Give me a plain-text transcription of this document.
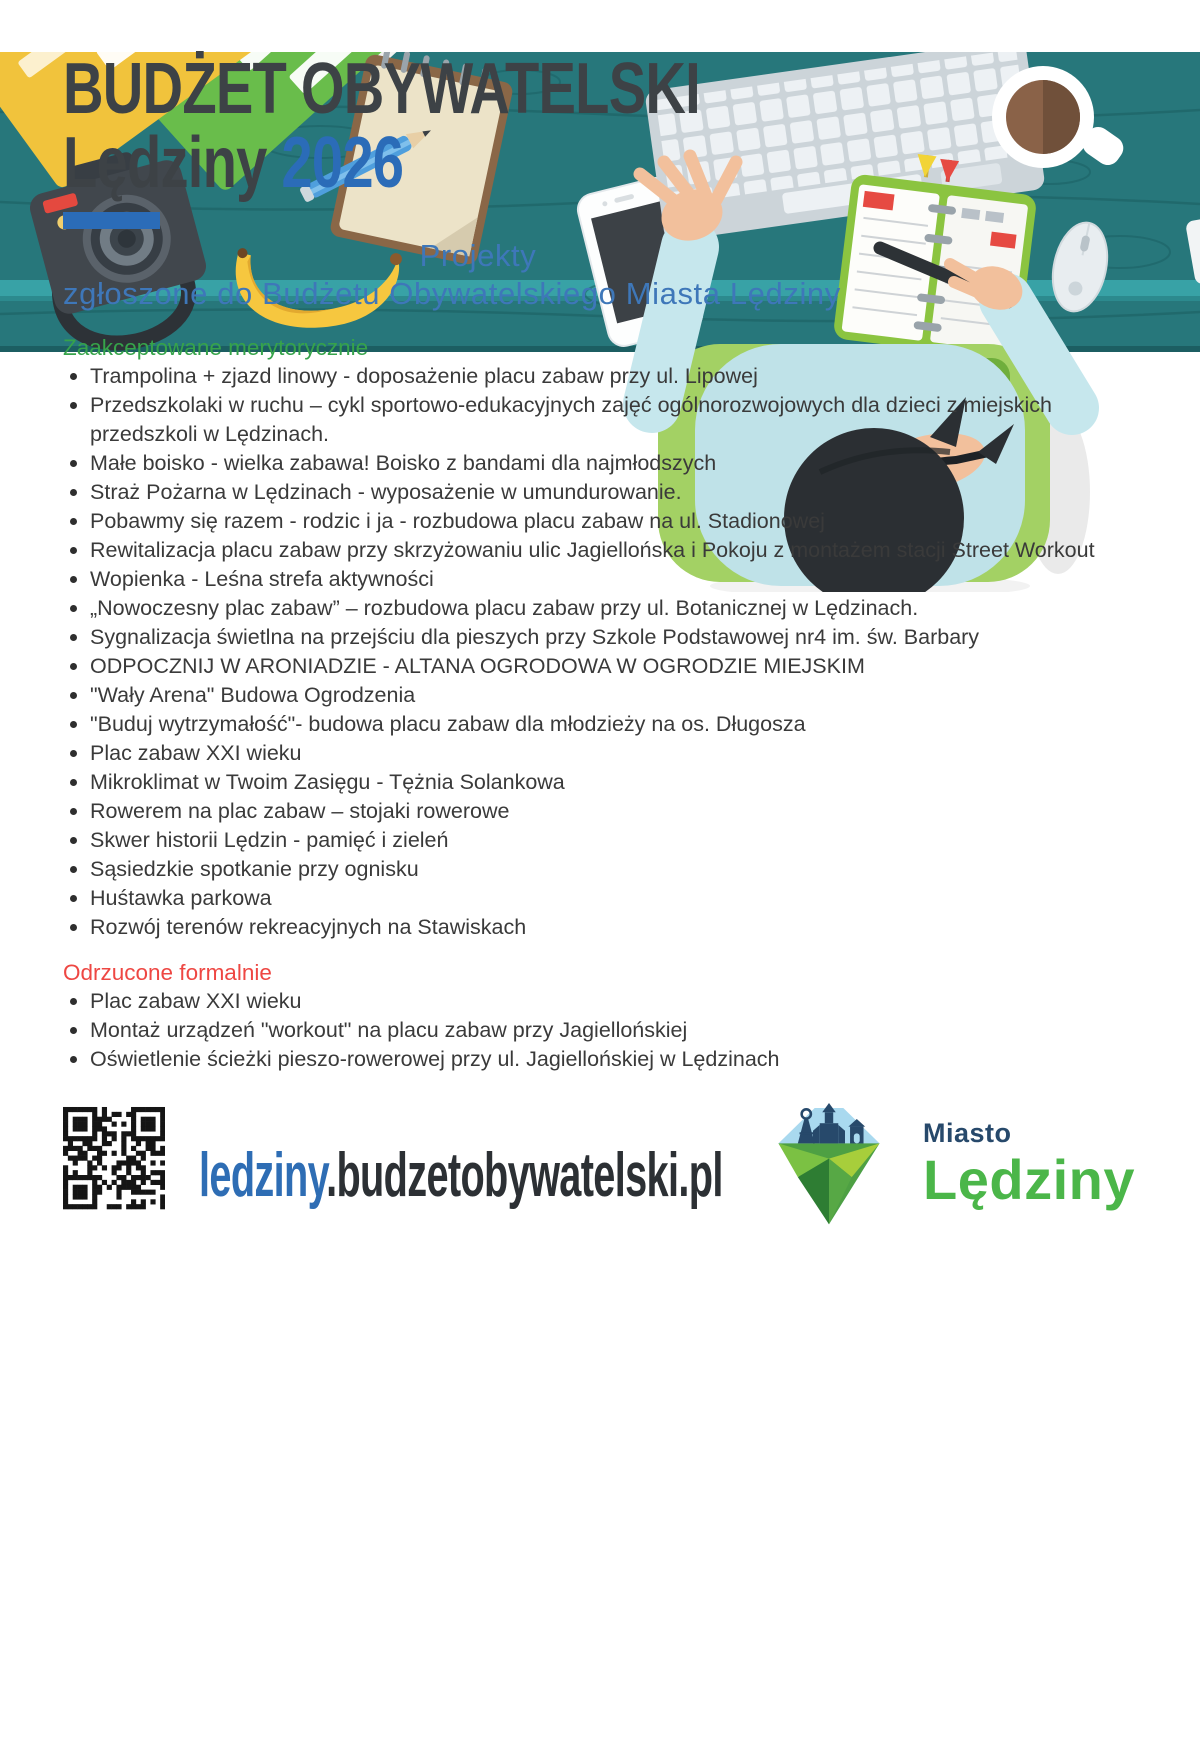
BUDŻET OBYWATELSKI
Lędziny 2026
Projekty
zgłoszone do Budżetu Obywatelskiego Miasta Lędziny
Zaakceptowane merytorycznie
Trampolina + zjazd linowy - doposażenie placu zabaw przy ul. Lipowej
Przedszkolaki w ruchu – cykl sportowo-edukacyjnych zajęć ogólnorozwojowych dla dzieci z miejskich przedszkoli w Lędzinach.
Małe boisko - wielka zabawa! Boisko z bandami dla najmłodszych
Straż Pożarna w Lędzinach - wyposażenie w umundurowanie.
Pobawmy się razem - rodzic i ja - rozbudowa placu zabaw na ul. Stadionowej
Rewitalizacja placu zabaw przy skrzyżowaniu ulic Jagiellońska i Pokoju z montażem stacji Street Workout
Wopienka - Leśna strefa aktywności
„Nowoczesny plac zabaw” – rozbudowa placu zabaw przy ul. Botanicznej w Lędzinach.
Sygnalizacja świetlna na przejściu dla pieszych przy Szkole Podstawowej nr4 im. św. Barbary
ODPOCZNIJ W ARONIADZIE - ALTANA OGRODOWA W OGRODZIE MIEJSKIM
"Wały Arena" Budowa Ogrodzenia
"Buduj wytrzymałość"- budowa placu zabaw dla młodzieży na os. Długosza
Plac zabaw XXI wieku
Mikroklimat w Twoim Zasięgu - Tężnia Solankowa
Rowerem na plac zabaw – stojaki rowerowe
Skwer historii Lędzin - pamięć i zieleń
Sąsiedzkie spotkanie przy ognisku
Huśtawka parkowa
Rozwój terenów rekreacyjnych na Stawiskach
Odrzucone formalnie
Plac zabaw XXI wieku
Montaż urządzeń "workout" na placu zabaw przy Jagiellońskiej
Oświetlenie ścieżki pieszo-rowerowej przy ul. Jagiellońskiej w Lędzinach
ledziny.budzetobywatelski.pl
Miasto
Lędziny
